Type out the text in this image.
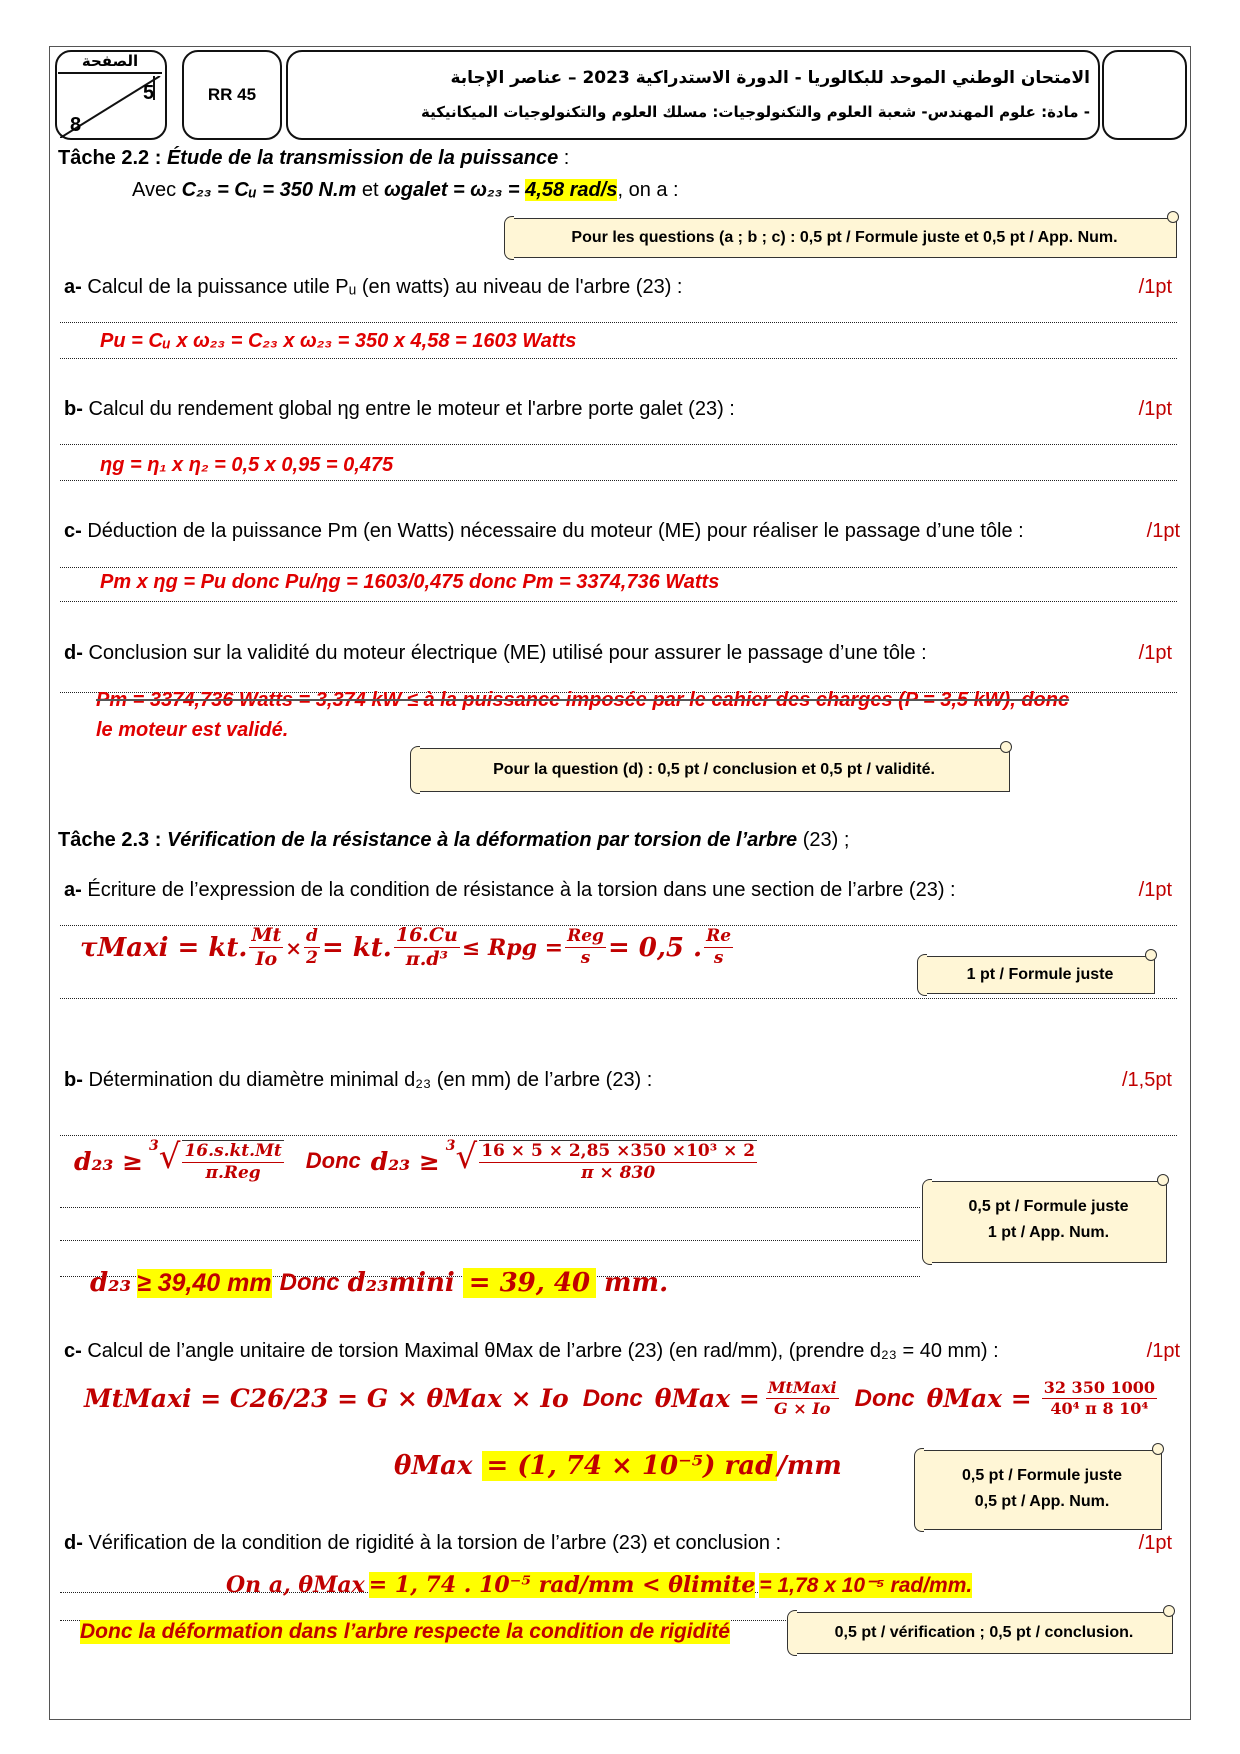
الصفحة
5
8
RR 45
الامتحان الوطني الموحد للبكالوريا - الدورة الاستدراكية 2023 – عناصر الإجابة
- مادة: علوم المهندس- شعبة العلوم والتكنولوجيات: مسلك العلوم والتكنولوجيات الميكانيكية
Tâche 2.2 : Étude de la transmission de la puissance :
Avec C₂₃ = Cᵤ = 350 N.m et ωgalet = ω₂₃ = 4,58 rad/s, on a :
Pour les questions (a ; b ; c) : 0,5 pt / Formule juste et 0,5 pt / App. Num.
a- Calcul de la puissance utile Pᵤ (en watts) au niveau de l'arbre (23) :	/1pt
Pu = Cᵤ x ω₂₃ = C₂₃ x ω₂₃ = 350 x 4,58 = 1603 Watts
b- Calcul du rendement global ηg entre le moteur et l'arbre porte galet (23) :	/1pt
ηg = η₁ x η₂ = 0,5 x 0,95 = 0,475
c- Déduction de la puissance Pm (en Watts) nécessaire du moteur (ME) pour réaliser le passage d’une tôle :	/1pt
Pm x ηg = Pu donc Pu/ηg = 1603/0,475 donc Pm = 3374,736 Watts
d- Conclusion sur la validité du moteur électrique (ME) utilisé pour assurer le passage d’une tôle :	/1pt
Pm = 3374,736 Watts = 3,374 kW ≤ à la puissance imposée par le cahier des charges (P = 3,5 kW), donc
le moteur est validé.
Pour la question (d) : 0,5 pt / conclusion et 0,5 pt / validité.
Tâche 2.3 : Vérification de la résistance à la déformation par torsion de l’arbre (23) ;
a- Écriture de l’expression de la condition de résistance à la torsion dans une section de l’arbre (23) :	/1pt
τMaxi = kt. $\frac{Mt}{Io} \times \frac{d}{2}$ = kt. $\frac{16.Cu}{\text{π.d³}}$ ≤ Rpg = $\frac{\text{Reg}}{s} = 0,5$ . $\frac{Re}{s}$
1 pt / Formule juste
b- Détermination du diamètre minimal d₂₃ (en mm) de l’arbre (23) :	/1,5pt
d₂₃ ≥
3 √ $\frac{16.s.kt.Mt}{\text{π.Reg}}$ Donc d₂₃ ≥
3 √ $\frac{\text{16 × 5 × 2,85 ×350 ×10³ × 2}}{\pi \times 830}$
0,5 pt / Formule juste
1 pt / App. Num.
d₂₃ ≥ 39,40 mm Donc d₂₃mini = 39, 40 mm.
c- Calcul de l’angle unitaire de torsion Maximal θMax de l’arbre (23) (en rad/mm), (prendre d₂₃ = 40 mm) :	/1pt
MtMaxi = C26/23 = G × θMax × Io Donc $\theta Max = \frac{\text{MtMaxi}}{G \times Io}$ Donc $\theta Max = \frac{32 350 1000}{\text{40⁴ π 8 10⁴}}$
θMax = (1, 74 × 10⁻⁵) rad /mm	0,5 pt / Formule juste
0,5 pt / App. Num.
d- Vérification de la condition de rigidité à la torsion de l’arbre (23) et conclusion :	/1pt
On a, θMax = 1, 74 . 10⁻⁵ rad/mm < θlimite = 1,78 x 10⁻⁵ rad/mm.
Donc la déformation dans l’arbre respecte la condition de rigidité	0,5 pt / vérification ; 0,5 pt / conclusion.
